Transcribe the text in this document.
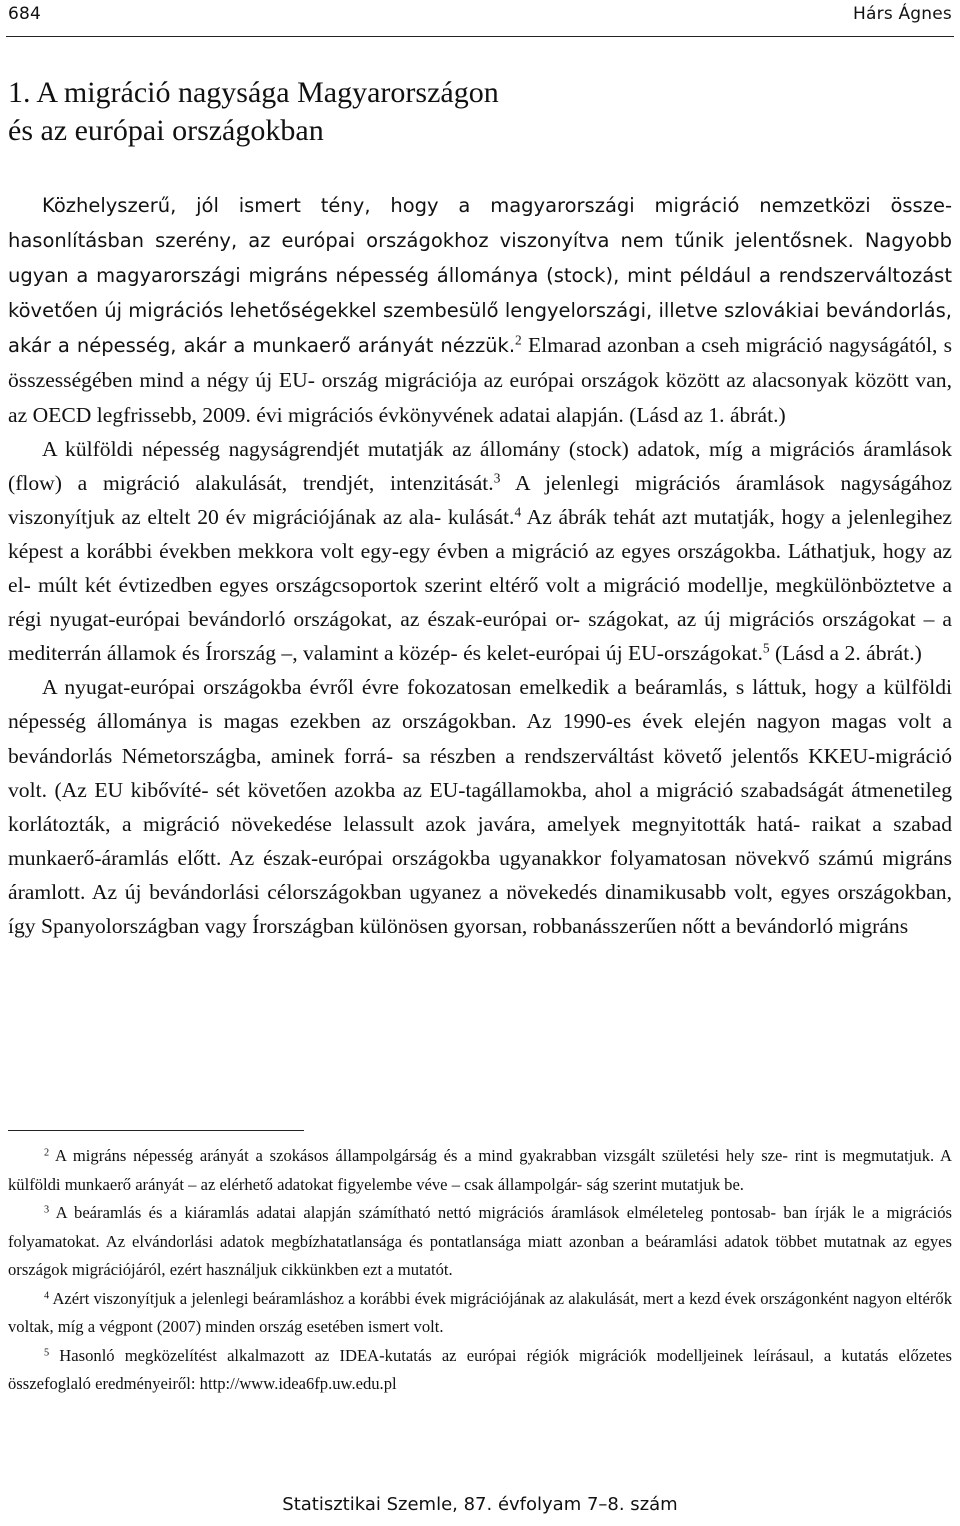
684	Hárs Ágnes
1. A migráció nagysága Magyarországon
és az európai országokban

Közhelyszerű, jól ismert tény, hogy a magyarországi migráció nemzetközi össze- hasonlításban szerény, az európai országokhoz viszonyítva nem tűnik jelentősnek. Nagyobb ugyan a magyarországi migráns népesség állománya (stock), mint például a rendszerváltozást követően új migrációs lehetőségekkel szembesülő lengyelországi, illetve szlovákiai bevándorlás, akár a népesség, akár a munkaerő arányát nézzük.$^2$ Elmarad azonban a cseh migráció nagyságától, s összességében mind a négy új EU- ország migrációja az európai országok között az alacsonyak között van, az OECD legfrissebb, 2009. évi migrációs évkönyvének adatai alapján. (Lásd az 1. ábrát.)

A külföldi népesség nagyságrendjét mutatják az állomány (stock) adatok, míg a migrációs áramlások (flow) a migráció alakulását, trendjét, intenzitását.$^3$ A jelenlegi migrációs áramlások nagyságához viszonyítjuk az eltelt 20 év migrációjának az ala- kulását.$^4$ Az ábrák tehát azt mutatják, hogy a jelenlegihez képest a korábbi években mekkora volt egy-egy évben a migráció az egyes országokba. Láthatjuk, hogy az el- múlt két évtizedben egyes országcsoportok szerint eltérő volt a migráció modellje, megkülönböztetve a régi nyugat-európai bevándorló országokat, az észak-európai or- szágokat, az új migrációs országokat – a mediterrán államok és Írország –, valamint a közép- és kelet-európai új EU-országokat.$^5$ (Lásd a 2. ábrát.)

A nyugat-európai országokba évről évre fokozatosan emelkedik a beáramlás, s láttuk, hogy a külföldi népesség állománya is magas ezekben az országokban. Az 1990-es évek elején nagyon magas volt a bevándorlás Németországba, aminek forrá- sa részben a rendszerváltást követő jelentős KKEU-migráció volt. (Az EU kibővíté- sét követően azokba az EU-tagállamokba, ahol a migráció szabadságát átmenetileg korlátozták, a migráció növekedése lelassult azok javára, amelyek megnyitották hatá- raikat a szabad munkaerő-áramlás előtt. Az észak-európai országokba ugyanakkor folyamatosan növekvő számú migráns áramlott. Az új bevándorlási célországokban ugyanez a növekedés dinamikusabb volt, egyes országokban, így Spanyolországban vagy Írországban különösen gyorsan, robbanásszerűen nőtt a bevándorló migráns

$^2$ A migráns népesség arányát a szokásos állampolgárság és a mind gyakrabban vizsgált születési hely sze- rint is megmutatjuk. A külföldi munkaerő arányát – az elérhető adatokat figyelembe véve – csak állampolgár- ság szerint mutatjuk be.

$^3$ A beáramlás és a kiáramlás adatai alapján számítható nettó migrációs áramlások elméleteleg pontosab- ban írják le a migrációs folyamatokat. Az elvándorlási adatok megbízhatatlansága és pontatlansága miatt azonban a beáramlási adatok többet mutatnak az egyes országok migrációjáról, ezért használjuk cikkünkben ezt a mutatót.

$^4$ Azért viszonyítjuk a jelenlegi beáramláshoz a korábbi évek migrációjának az alakulását, mert a kezd évek országonként nagyon eltérők voltak, míg a végpont (2007) minden ország esetében ismert volt.

$^5$ Hasonló megközelítést alkalmazott az IDEA-kutatás az európai régiók migrációk modelljeinek leírásaul, a kutatás előzetes összefoglaló eredményeiről: http://www.idea6fp.uw.edu.pl

Statisztikai Szemle, 87. évfolyam 7–8. szám
